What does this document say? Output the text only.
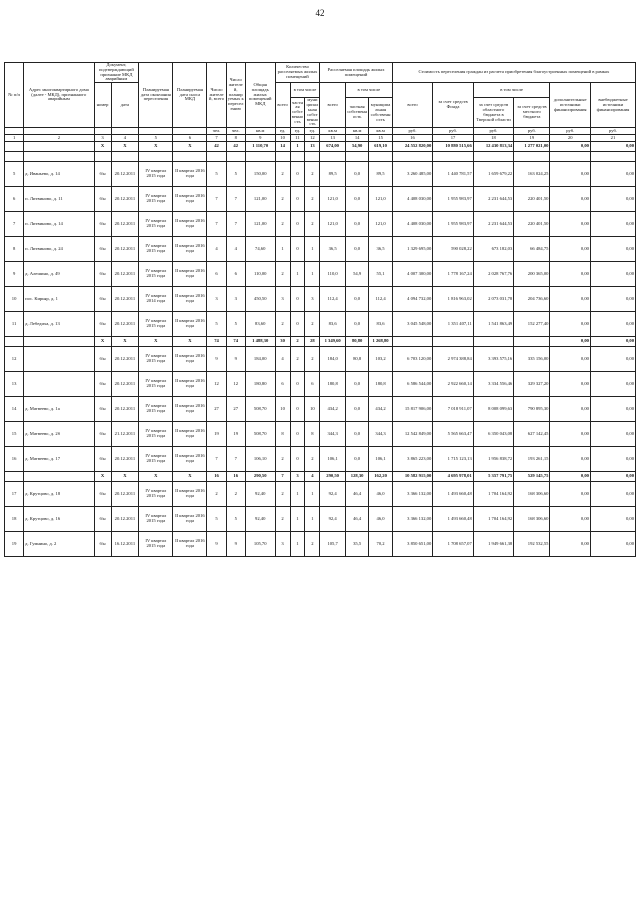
42
№ п/п	Адрес многоквартирного дома (далее - МКД), признанного аварийным	Документ, подтверждающий признание МКД аварийным		Планируемая дата окончания переселения	Планируемая дата сноса МКД	Число жителей, всего	Число жителей, планируемых к переселению	Общая площадь жилых помещений МКД	Количество расселяемых жилых помещений			Расселяемая площадь жилых помещений			Стоимость переселения граждан из расчета приобретения благоустроенных помещений в рамках					
		номер	дата						всего	в том числе		всего	в том числе		всего	за счет средств Фонда	в том числе		дополнительные источники финансирования	внебюджетные источники финансирования
										частная собственность	муниципальная собственность		частная собственность	муниципальная собственность			за счет средств областного бюджета в Тверской области	за счет средств местного бюджета		
						чел.	чел.	кв.м	ед.	ед.	ед.	кв.м	кв.м	кв.м	руб.	руб.	руб.	руб.	руб.	руб.
1	2	3	4	5	6	7	8	9	10	11	12	13	14	15	16	17	18	19	20	21
		X	X	X	X	42	42	1 110,70	14	1	13	674,00	54,90	619,10	24 552 820,00	10 880 515,66	12 430 813,34	1 277 021,00	0,00	0,00

5	д. Иваньево, д. 14	б/н	20.12.2011	IV квартал 2015 года	II квартал 2016 года	5	5	150,00	2	0	2	89,5	0,0	89,5	3 260 485,00	1 440 781,57	1 659 679,22	163 024,25	0,00	0,00
6	п. Литвиново, д. 11	б/н	20.12.2011	IV квартал 2015 года	II квартал 2016 года	7	7	121,00	2	0	2	121,0	0,0	121,0	4 408 030,00	1 955 983,97	2 231 644,53	220 401,50	0,00	0,00
7	п. Литвиново, д. 14	б/н	20.12.2011	IV квартал 2015 года	II квартал 2016 года	7	7	121,00	2	0	2	121,0	0,0	121,0	4 408 030,00	1 955 983,97	2 231 644,53	220 401,50	0,00	0,00
8	п. Литвиново, д. 24	б/н	20.12.2011	IV квартал 2015 года	II квартал 2016 года	4	4	74,60	1	0	1	36,5	0,0	36,5	1 329 695,00	590 028,22	673 182,03	66 484,75	0,00	0,00
9	д. Алешино, д. 49	б/н	20.12.2011	IV квартал 2015 года	II квартал 2016 года	6	6	110,00	2	1	1	110,0	54,9	55,1	4 007 300,00	1 778 167,24	2 028 767,76	200 365,00	0,00	0,00
10	пос. Кирьяр, д. 1	б/н	20.12.2011	IV квартал 2014 года	II квартал 2016 года	3	3	450,50	3	0	3	112,4	0,0	112,4	4 094 732,00	1 816 963,02	2 073 031,78	204 736,60	0,00	0,00
11	д. Лебедиха, д. 13	б/н	20.12.2011	IV квартал 2015 года	II квартал 2016 года	5	5	83,60	2	0	2	83,6	0,0	83,6	3 045 548,00	1 351 407,11	1 541 863,49	152 277,40	0,00	0,00
		X	X	X	X	74	74	1 488,30	30	2	28	1 349,60	80,80	1 268,80					0,00	0,00
12		б/н	20.12.2011	IV квартал 2015 года	II квартал 2016 года	9	9	184,00	4	2	2	184,0	80,8	103,2	6 703 120,00	2 974 388,84	3 393 575,16	335 156,00	0,00	0,00
13		б/н	20.12.2011	IV квартал 2015 года	II квартал 2016 года	12	12	180,80	6	0	6	180,8	0,0	180,8	6 586 544,00	2 922 660,14	3 334 556,46	329 327,20	0,00	0,00
14	д. Матвеево, д. 1а	б/н	20.12.2011	IV квартал 2015 года	II квартал 2016 года	27	27	508,70	10	0	10	434,2	0,0	434,2	15 817 906,00	7 018 911,07	8 008 099,63	790 895,30	0,00	0,00
15	д. Матвеево, д. 2б	б/н	21.12.2011	IV квартал 2015 года	II квартал 2016 года	19	19	508,70	8	0	8	344,3	0,0	344,3	12 542 849,00	5 565 663,47	6 350 043,08	627 142,45	0,00	0,00
16	д. Матвеево, д. 17	б/н	20.12.2011	IV квартал 2015 года	II квартал 2016 года	7	7	106,10	2	0	2	106,1	0,0	106,1	3 865 223,00	1 715 123,13	1 956 838,72	193 261,15	0,00	0,00
		X	X	X	X	16	16	290,50	7	3	4	290,50	128,30	162,20	10 582 915,00	4 695 978,01	5 357 791,75	529 145,75	0,00	0,00
17	д. Крутцово, д. 18	б/н	20.12.2011	IV квартал 2015 года	II квартал 2016 года	2	2	92,40	2	1	1	92,4	46,4	46,0	3 366 132,00	1 493 660,48	1 704 164,92	168 306,60	0,00	0,00
18	д. Крутцово, д. 16	б/н	20.12.2011	IV квартал 2015 года	II квартал 2016 года	5	5	92,40	2	1	1	92,4	46,4	46,0	3 366 132,00	1 493 660,48	1 704 164,92	168 306,60	0,00	0,00
19	д. Гумнино, д. 2	б/н	16.12.2011	IV квартал 2015 года	II квартал 2016 года	9	9	105,70	3	1	2	105,7	35,5	70,2	3 850 651,00	1 708 657,07	1 949 661,38	192 532,55	0,00	0,00
